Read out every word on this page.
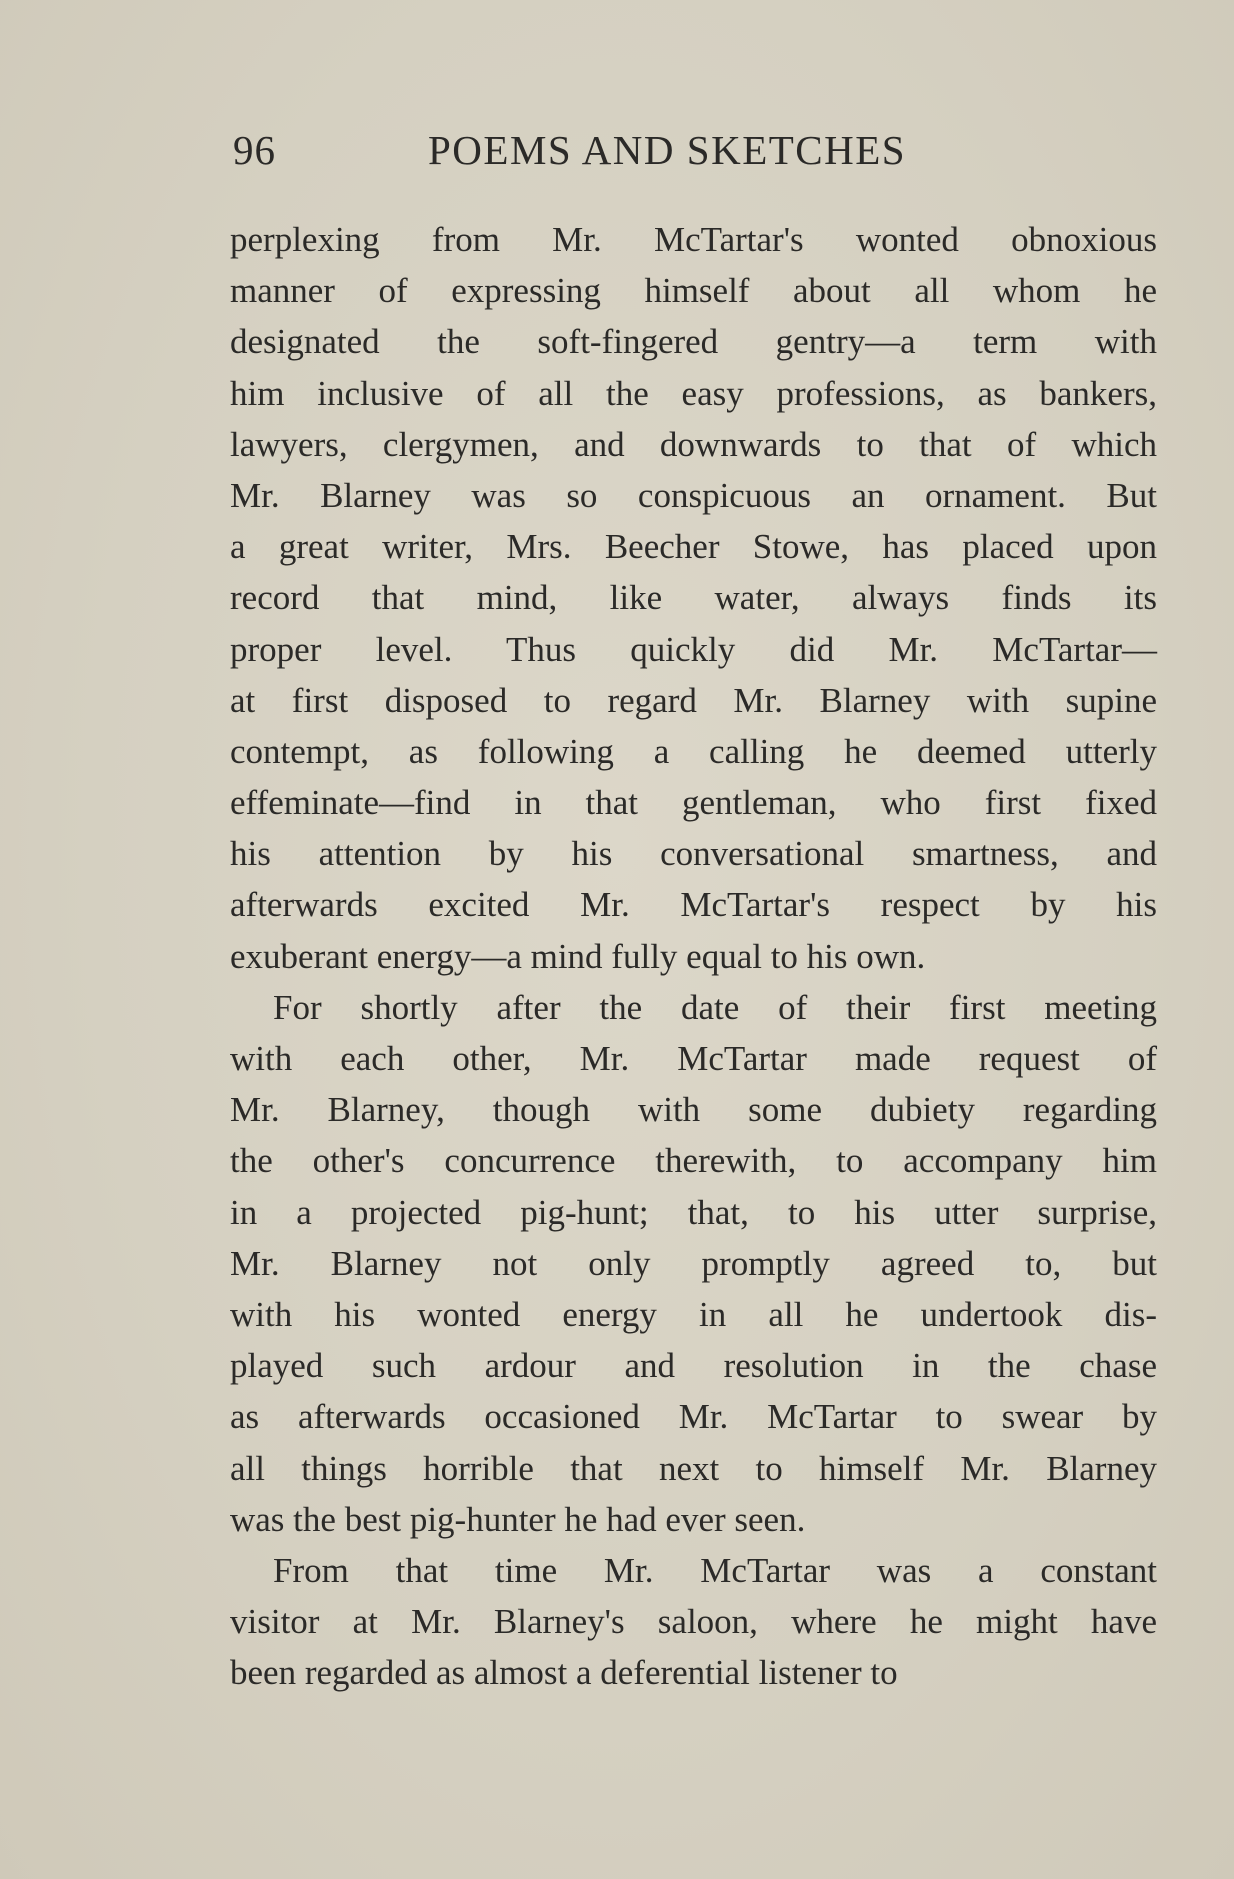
96	POEMS AND SKETCHES
perplexing from Mr. McTartar's wonted obnoxious
manner of expressing himself about all whom he
designated the soft-fingered gentry—a term with
him inclusive of all the easy professions, as bankers,
lawyers, clergymen, and downwards to that of which
Mr. Blarney was so conspicuous an ornament. But
a great writer, Mrs. Beecher Stowe, has placed upon
record that mind, like water, always finds its
proper level. Thus quickly did Mr. McTartar—
at first disposed to regard Mr. Blarney with supine
contempt, as following a calling he deemed utterly
effeminate—find in that gentleman, who first fixed
his attention by his conversational smartness, and
afterwards excited Mr. McTartar's respect by his
exuberant energy—a mind fully equal to his own.
For shortly after the date of their first meeting
with each other, Mr. McTartar made request of
Mr. Blarney, though with some dubiety regarding
the other's concurrence therewith, to accompany him
in a projected pig-hunt; that, to his utter surprise,
Mr. Blarney not only promptly agreed to, but
with his wonted energy in all he undertook dis-
played such ardour and resolution in the chase
as afterwards occasioned Mr. McTartar to swear by
all things horrible that next to himself Mr. Blarney
was the best pig-hunter he had ever seen.
From that time Mr. McTartar was a constant
visitor at Mr. Blarney's saloon, where he might have
been regarded as almost a deferential listener to
